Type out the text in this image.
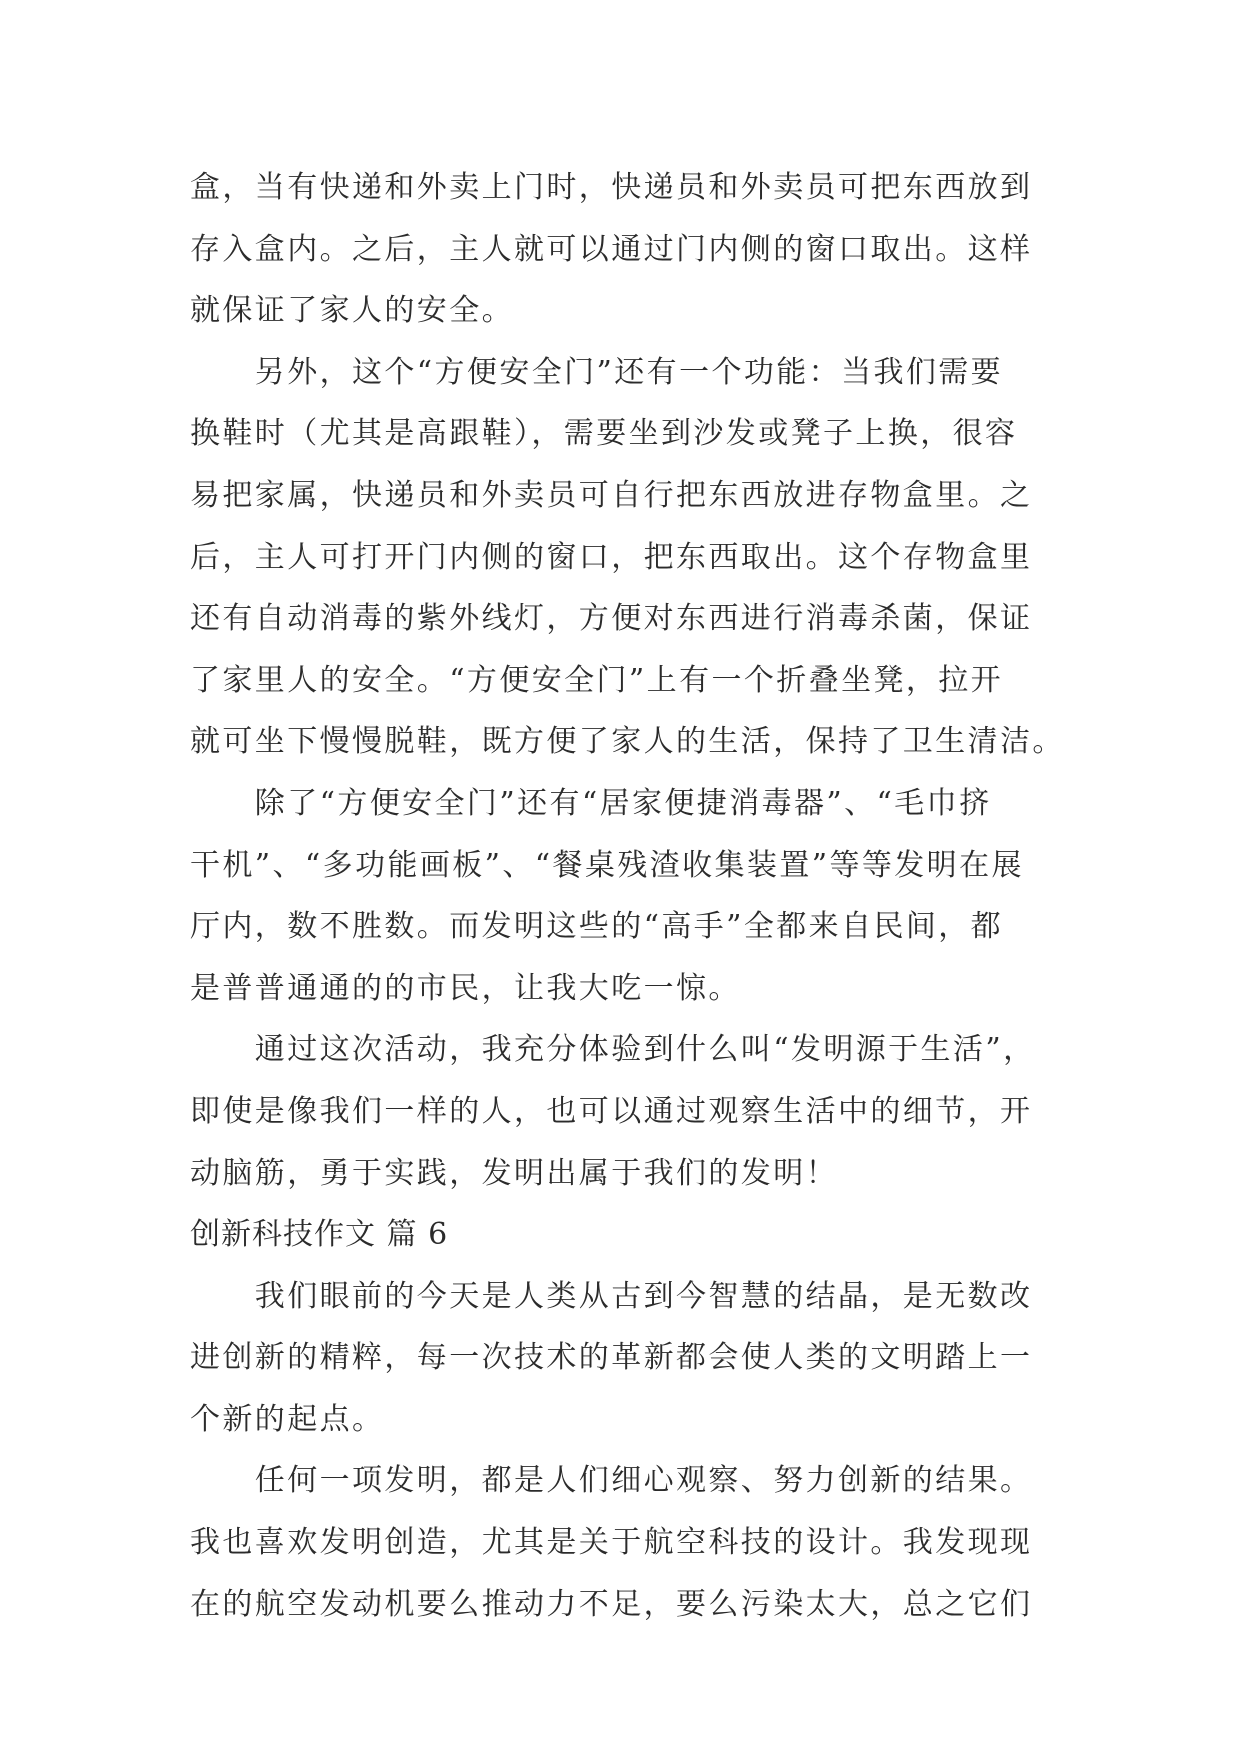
盒，当有快递和外卖上门时，快递员和外卖员可把东西放到
存入盒内。之后，主人就可以通过门内侧的窗口取出。这样
就保证了家人的安全。
　　另外，这个“方便安全门”还有一个功能：当我们需要
换鞋时（尤其是高跟鞋），需要坐到沙发或凳子上换，很容
易把家属，快递员和外卖员可自行把东西放进存物盒里。之
后，主人可打开门内侧的窗口，把东西取出。这个存物盒里
还有自动消毒的紫外线灯，方便对东西进行消毒杀菌，保证
了家里人的安全。“方便安全门”上有一个折叠坐凳，拉开
就可坐下慢慢脱鞋，既方便了家人的生活，保持了卫生清洁。
　　除了“方便安全门”还有“居家便捷消毒器”、“毛巾挤
干机”、“多功能画板”、“餐桌残渣收集装置”等等发明在展
厅内，数不胜数。而发明这些的“高手”全都来自民间，都
是普普通通的的市民，让我大吃一惊。
　　通过这次活动，我充分体验到什么叫“发明源于生活”，
即使是像我们一样的人，也可以通过观察生活中的细节，开
动脑筋，勇于实践，发明出属于我们的发明！
创新科技作文 篇 6
　　我们眼前的今天是人类从古到今智慧的结晶，是无数改
进创新的精粹，每一次技术的革新都会使人类的文明踏上一
个新的起点。
　　任何一项发明，都是人们细心观察、努力创新的结果。
我也喜欢发明创造，尤其是关于航空科技的设计。我发现现
在的航空发动机要么推动力不足，要么污染太大，总之它们
